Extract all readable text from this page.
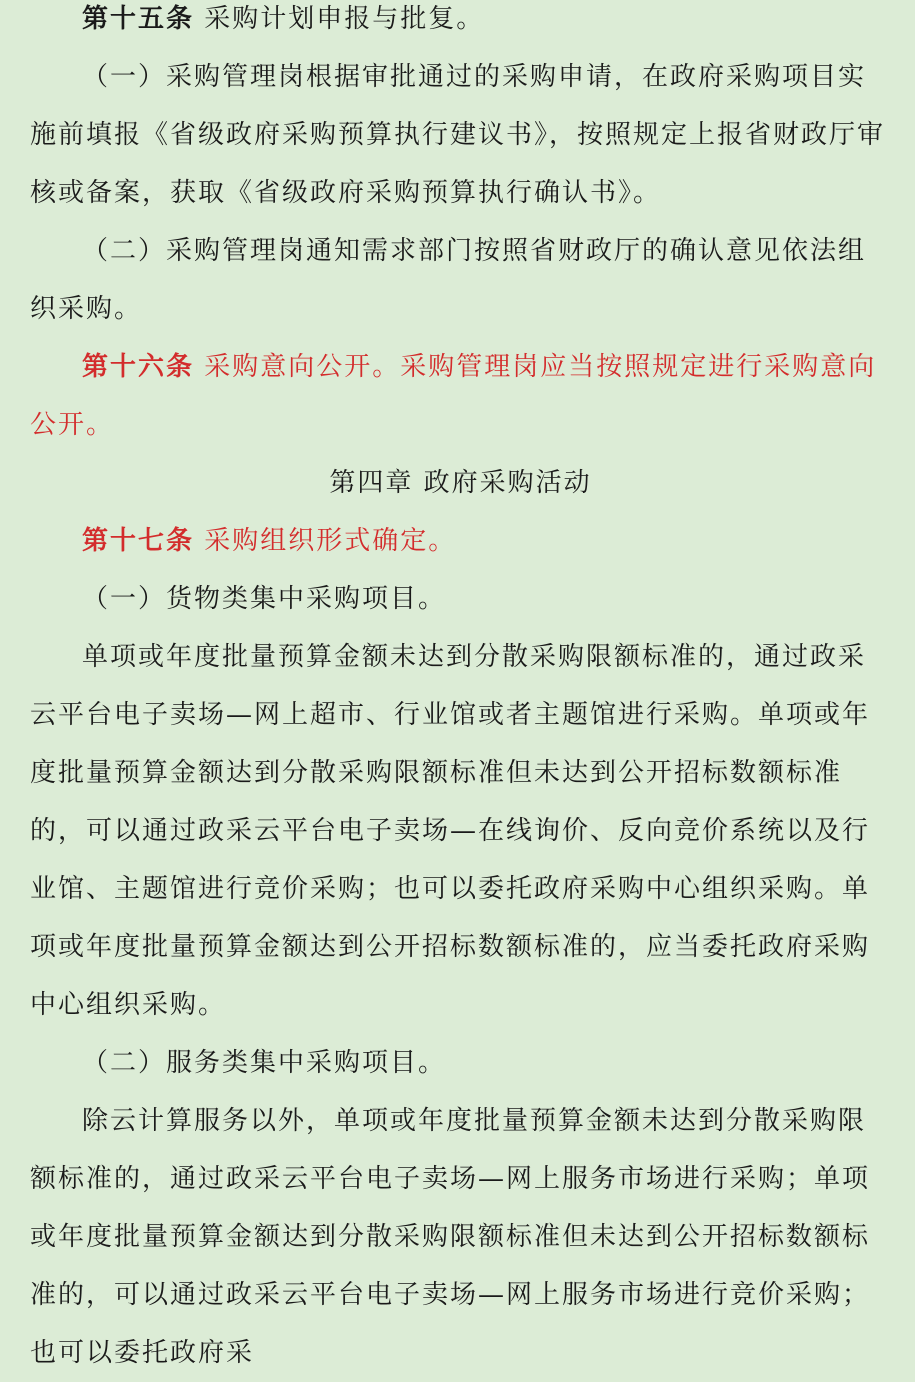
第十五条 采购计划申报与批复。

（一）采购管理岗根据审批通过的采购申请，在政府采购项目实施前填报《省级政府采购预算执行建议书》，按照规定上报省财政厅审核或备案，获取《省级政府采购预算执行确认书》。

（二）采购管理岗通知需求部门按照省财政厅的确认意见依法组织采购。

第十六条 采购意向公开。采购管理岗应当按照规定进行采购意向公开。

第四章 政府采购活动

第十七条 采购组织形式确定。

（一）货物类集中采购项目。

单项或年度批量预算金额未达到分散采购限额标准的，通过政采云平台电子卖场—网上超市、行业馆或者主题馆进行采购。单项或年度批量预算金额达到分散采购限额标准但未达到公开招标数额标准的，可以通过政采云平台电子卖场—在线询价、反向竞价系统以及行业馆、主题馆进行竞价采购；也可以委托政府采购中心组织采购。单项或年度批量预算金额达到公开招标数额标准的，应当委托政府采购中心组织采购。

（二）服务类集中采购项目。

除云计算服务以外，单项或年度批量预算金额未达到分散采购限额标准的，通过政采云平台电子卖场—网上服务市场进行采购；单项或年度批量预算金额达到分散采购限额标准但未达到公开招标数额标准的，可以通过政采云平台电子卖场—网上服务市场进行竞价采购；也可以委托政府采
